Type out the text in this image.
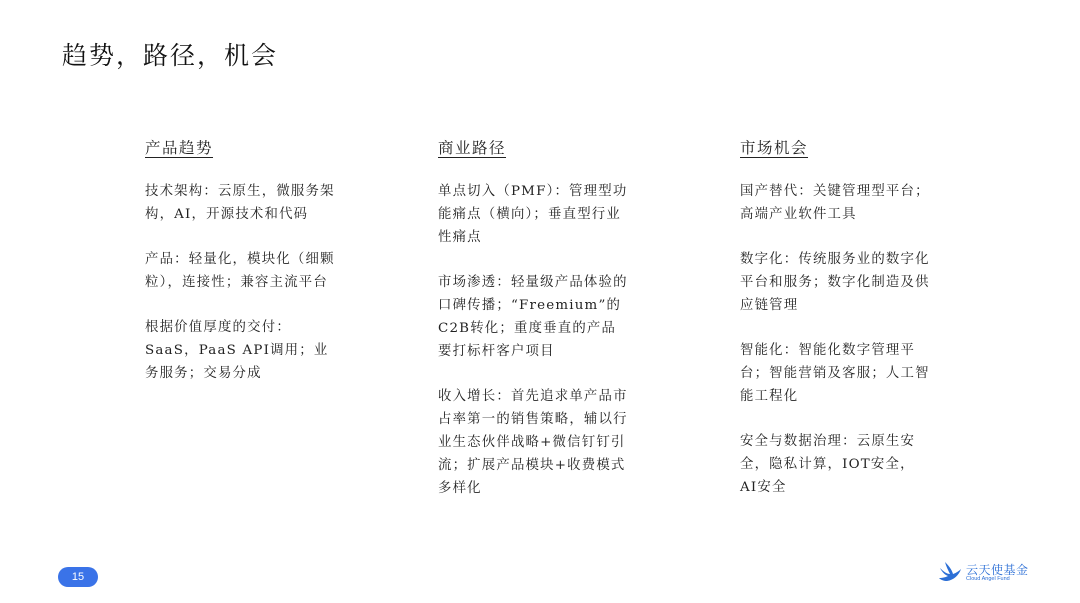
趋势，路径，机会
产品趋势

技术架构：云原生，微服务架构，AI，开源技术和代码

产品：轻量化，模块化（细颗粒），连接性；兼容主流平台

根据价值厚度的交付：SaaS，PaaS API调用；业务服务；交易分成

商业路径

单点切入（PMF）：管理型功能痛点（横向）；垂直型行业性痛点

市场渗透：轻量级产品体验的口碑传播；“Freemium”的C2B转化；重度垂直的产品要打标杆客户项目

收入增长：首先追求单产品市占率第一的销售策略，辅以行业生态伙伴战略+微信钉钉引流；扩展产品模块+收费模式多样化

市场机会

国产替代：关键管理型平台；高端产业软件工具

数字化：传统服务业的数字化平台和服务；数字化制造及供应链管理

智能化：智能化数字管理平台；智能营销及客服；人工智能工程化

安全与数据治理：云原生安全，隐私计算，IOT安全，AI安全

15
云天使基金
Cloud Angel Fund
